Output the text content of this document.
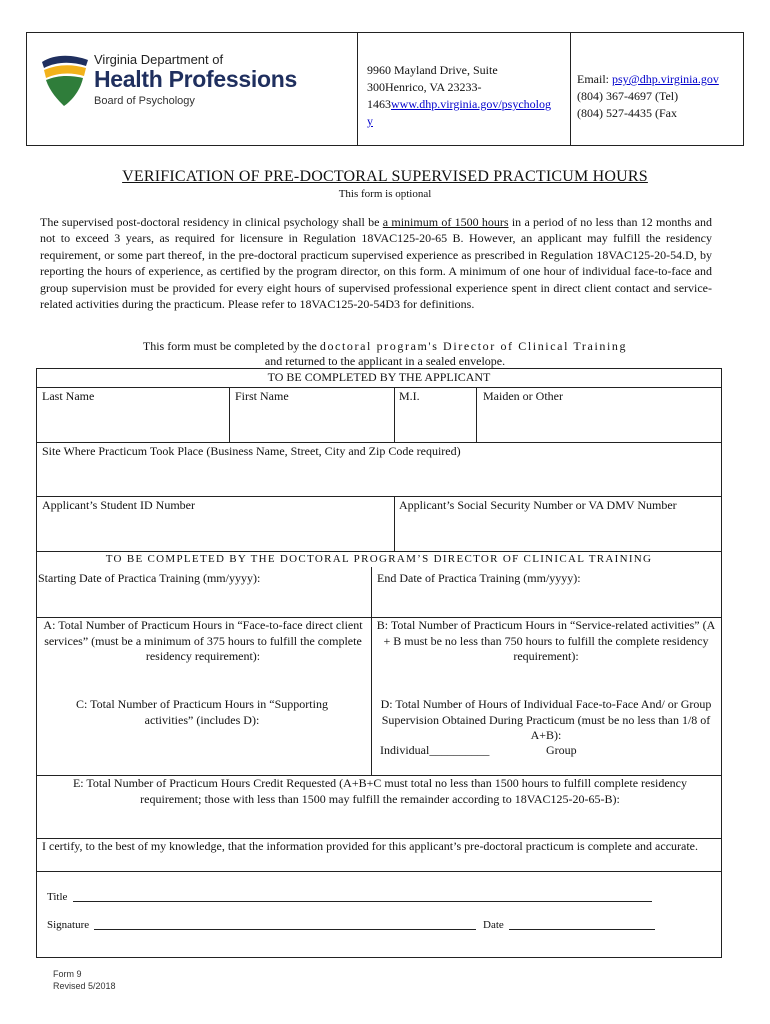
Virginia Department of
Health Professions
Board of Psychology
9960 Mayland Drive, Suite
300Henrico, VA 23233-
1463www.dhp.virginia.gov/psycholog
y
Email: psy@dhp.virginia.gov
(804) 367-4697 (Tel)
(804) 527-4435 (Fax
VERIFICATION OF PRE-DOCTORAL SUPERVISED PRACTICUM HOURS
This form is optional
The supervised post-doctoral residency in clinical psychology shall be a minimum of 1500 hours in a period of no less than 12 months and not to exceed 3 years, as required for licensure in Regulation 18VAC125-20-65 B. However, an applicant may fulfill the residency requirement, or some part thereof, in the pre-doctoral practicum supervised experience as prescribed in Regulation 18VAC125-20-54.D, by reporting the hours of experience, as certified by the program director, on this form. A minimum of one hour of individual face-to-face and group supervision must be provided for every eight hours of supervised professional experience spent in direct client contact and service-related activities during the practicum. Please refer to 18VAC125-20-54D3 for definitions.
This form must be completed by the doctoral program's Director of Clinical Training
and returned to the applicant in a sealed envelope.
TO BE COMPLETED BY THE APPLICANT
Last Name	First Name	M.I.	Maiden or Other
Site Where Practicum Took Place (Business Name, Street, City and Zip Code required)
Applicant’s Student ID Number	Applicant’s Social Security Number or VA DMV Number
TO BE COMPLETED BY THE DOCTORAL PROGRAM’S DIRECTOR OF CLINICAL TRAINING
Starting Date of Practica Training (mm/yyyy):	End Date of Practica Training (mm/yyyy):
A: Total Number of Practicum Hours in “Face-to-face direct client services” (must be a minimum of 375 hours to fulfill the complete residency requirement):
B: Total Number of Practicum Hours in “Service-related activities” (A + B must be no less than 750 hours to fulfill the complete residency requirement):
C: Total Number of Practicum Hours in “Supporting activities” (includes D):
D: Total Number of Hours of Individual Face-to-Face And/ or Group Supervision Obtained During Practicum (must be no less than 1/8 of A+B):
Individual__________	Group
E: Total Number of Practicum Hours Credit Requested (A+B+C must total no less than 1500 hours to fulfill complete residency requirement; those with less than 1500 may fulfill the remainder according to 18VAC125-20-65-B):
I certify, to the best of my knowledge, that the information provided for this applicant’s pre-doctoral practicum is complete and accurate.
Title
Signature	Date
Form 9
Revised 5/2018
